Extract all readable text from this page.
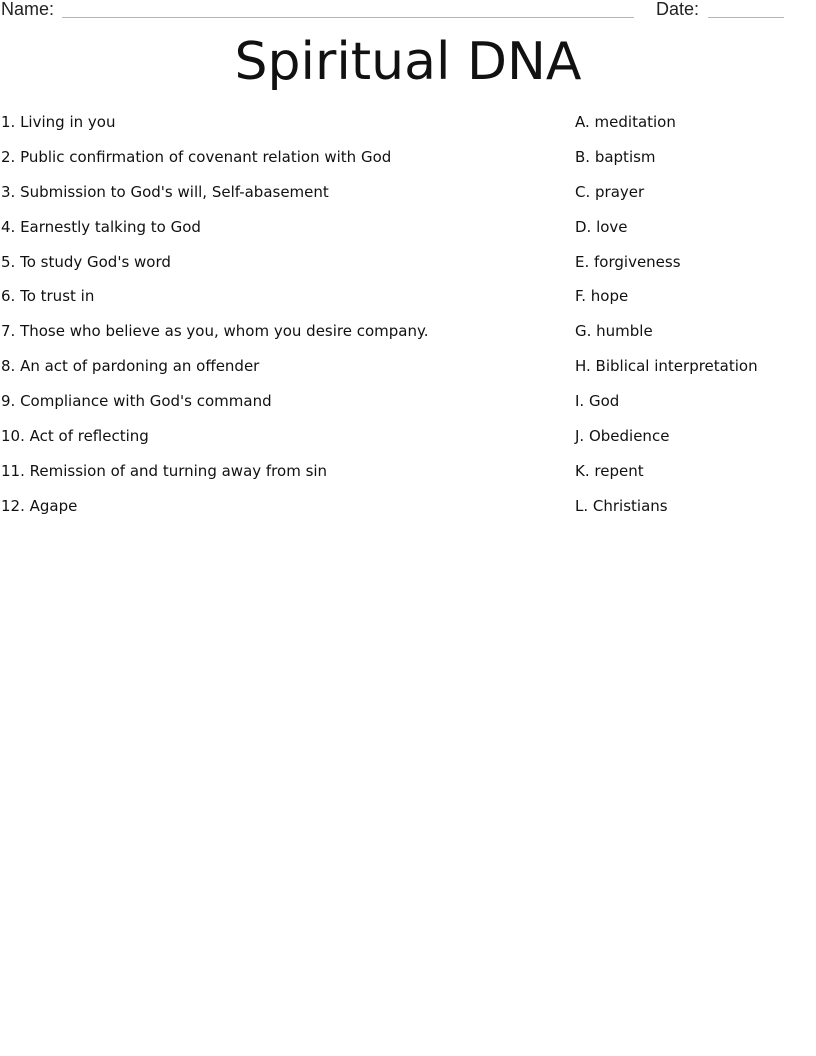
Name:	Date:
Spiritual DNA
1. Living in you
2. Public confirmation of covenant relation with God
3. Submission to God's will, Self-abasement
4. Earnestly talking to God
5. To study God's word
6. To trust in
7. Those who believe as you, whom you desire company.
8. An act of pardoning an offender
9. Compliance with God's command
10. Act of reflecting
11. Remission of and turning away from sin
12. Agape
A. meditation
B. baptism
C. prayer
D. love
E. forgiveness
F. hope
G. humble
H. Biblical interpretation
I. God
J. Obedience
K. repent
L. Christians
